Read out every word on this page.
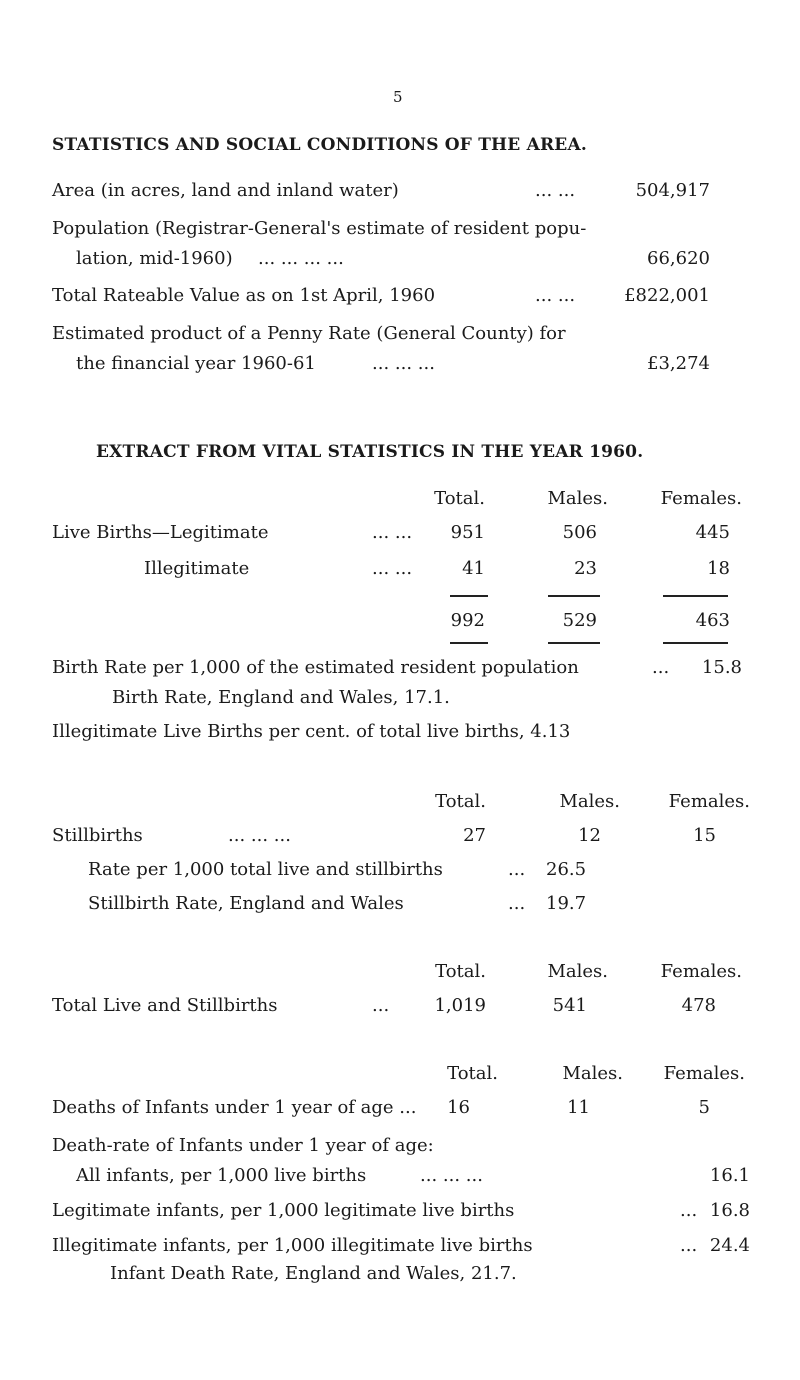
5
STATISTICS AND SOCIAL CONDITIONS OF THE AREA.
Area (in acres, land and inland water)	... ...	504,917
Population (Registrar-General's estimate of resident popu-
lation, mid-1960) ... ... ... ...	66,620
Total Rateable Value as on 1st April, 1960	... ...	£822,001
Estimated product of a Penny Rate (General County) for
the financial year 1960-61	... ... ...	£3,274
EXTRACT FROM VITAL STATISTICS IN THE YEAR 1960.
Total.	Males.	Females.
Live Births—Legitimate	... ... 951	506	445
Illegitimate	... ...	41	23	18
992	529	463
Birth Rate per 1,000 of the estimated resident population	... 15.8
Birth Rate, England and Wales, 17.1.
Illegitimate Live Births per cent. of total live births, 4.13
Total.	Males.	Females.
Stillbirths	... ... ...	27	12	15
Rate per 1,000 total live and stillbirths	... 26.5
Stillbirth Rate, England and Wales	... 19.7
Total.	Males.	Females.
Total Live and Stillbirths	...	1,019	541	478
Total.	Males. Females.
Deaths of Infants under 1 year of age ... 16	11	5
Death-rate of Infants under 1 year of age:
All infants, per 1,000 live births	... ... ...	16.1
Legitimate infants, per 1,000 legitimate live births	... 16.8
Illegitimate infants, per 1,000 illegitimate live births	... 24.4
Infant Death Rate, England and Wales, 21.7.
